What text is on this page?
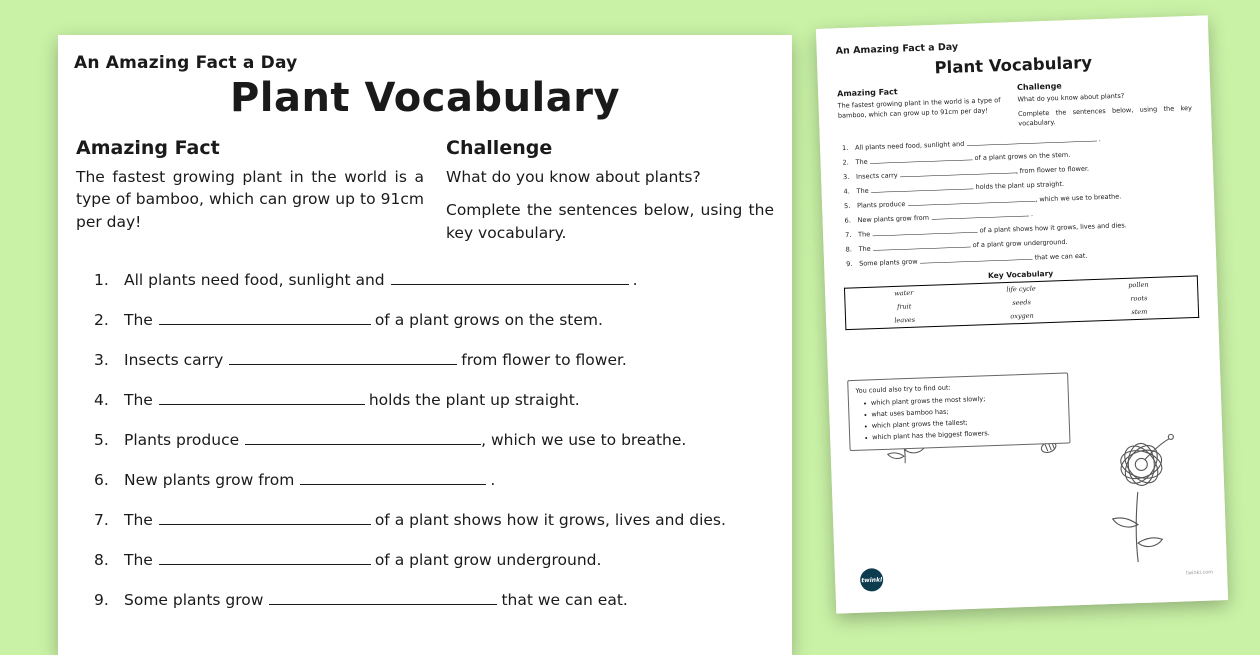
An Amazing Fact a Day
Plant Vocabulary
Amazing Fact
The fastest growing plant in the world is a type of bamboo, which can grow up to 91cm per day!
Challenge
What do you know about plants?
Complete the sentences below, using the key vocabulary.
1. All plants need food, sunlight and	.
2. The	of a plant grows on the stem.
3. Insects carry	from flower to flower.
4. The	holds the plant up straight.
5. Plants produce	, which we use to breathe.
6. New plants grow from	.
7. The	of a plant shows how it grows, lives and dies.
8. The	of a plant grow underground.
9. Some plants grow	that we can eat.
An Amazing Fact a Day
Plant Vocabulary
Amazing Fact
The fastest growing plant in the world is a type of bamboo, which can grow up to 91cm per day!
Challenge
What do you know about plants?
Complete the sentences below, using the key vocabulary.
1. All plants need food, sunlight and.
2. Theof a plant grows on the stem.
3. Insects carryfrom flower to flower.
4. Theholds the plant up straight.
5. Plants produce, which we use to breathe.
6. New plants grow from	.
7. Theof a plant shows how it grows, lives and dies.
8. Theof a plant grow underground.
9. Some plants growthat we can eat.
Key Vocabulary
water	life cycle	pollen
fruit	seeds	roots
leaves	oxygen	stem
You could also try to find out:
• which plant grows the most slowly;
• what uses bamboo has;
• which plant grows the tallest;
• which plant has the biggest flowers.
twinkl
twinkl.com
